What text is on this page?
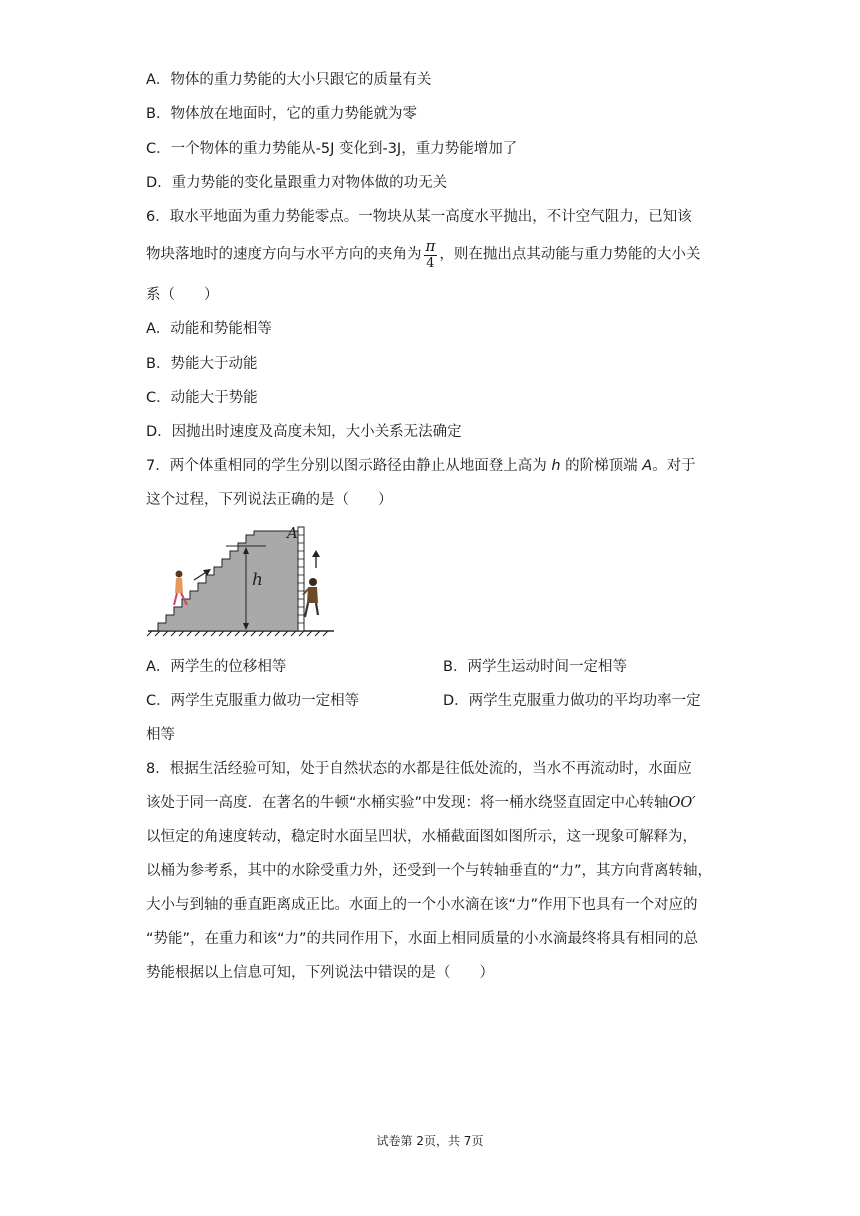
A．物体的重力势能的大小只跟它的质量有关
B．物体放在地面时，它的重力势能就为零
C．一个物体的重力势能从-5J 变化到-3J，重力势能增加了
D．重力势能的变化量跟重力对物体做的功无关
6．取水平地面为重力势能零点。一物块从某一高度水平抛出，不计空气阻力，已知该
物块落地时的速度方向与水平方向的夹角为 $\frac{\pi}{4}$ ，则在抛出点其动能与重力势能的大小关
系（　　）
A．动能和势能相等
B．势能大于动能
C．动能大于势能
D．因抛出时速度及高度未知，大小关系无法确定
7．两个体重相同的学生分别以图示路径由静止从地面登上高为 h 的阶梯顶端 A。对于
这个过程，下列说法正确的是（　　）
h
A
A．两学生的位移相等	B．两学生运动时间一定相等
C．两学生克服重力做功一定相等	D．两学生克服重力做功的平均功率一定
相等
8．根据生活经验可知，处于自然状态的水都是往低处流的，当水不再流动时，水面应
该处于同一高度．在著名的牛顿“水桶实验”中发现：将一桶水绕竖直固定中心转轴OO′
以恒定的角速度转动，稳定时水面呈凹状，水桶截面图如图所示，这一现象可解释为，
以桶为参考系，其中的水除受重力外，还受到一个与转轴垂直的“力”，其方向背离转轴，
大小与到轴的垂直距离成正比。水面上的一个小水滴在该“力”作用下也具有一个对应的
“势能”，在重力和该“力”的共同作用下，水面上相同质量的小水滴最终将具有相同的总
势能根据以上信息可知，下列说法中错误的是（　　）
试卷第 2页，共 7页
